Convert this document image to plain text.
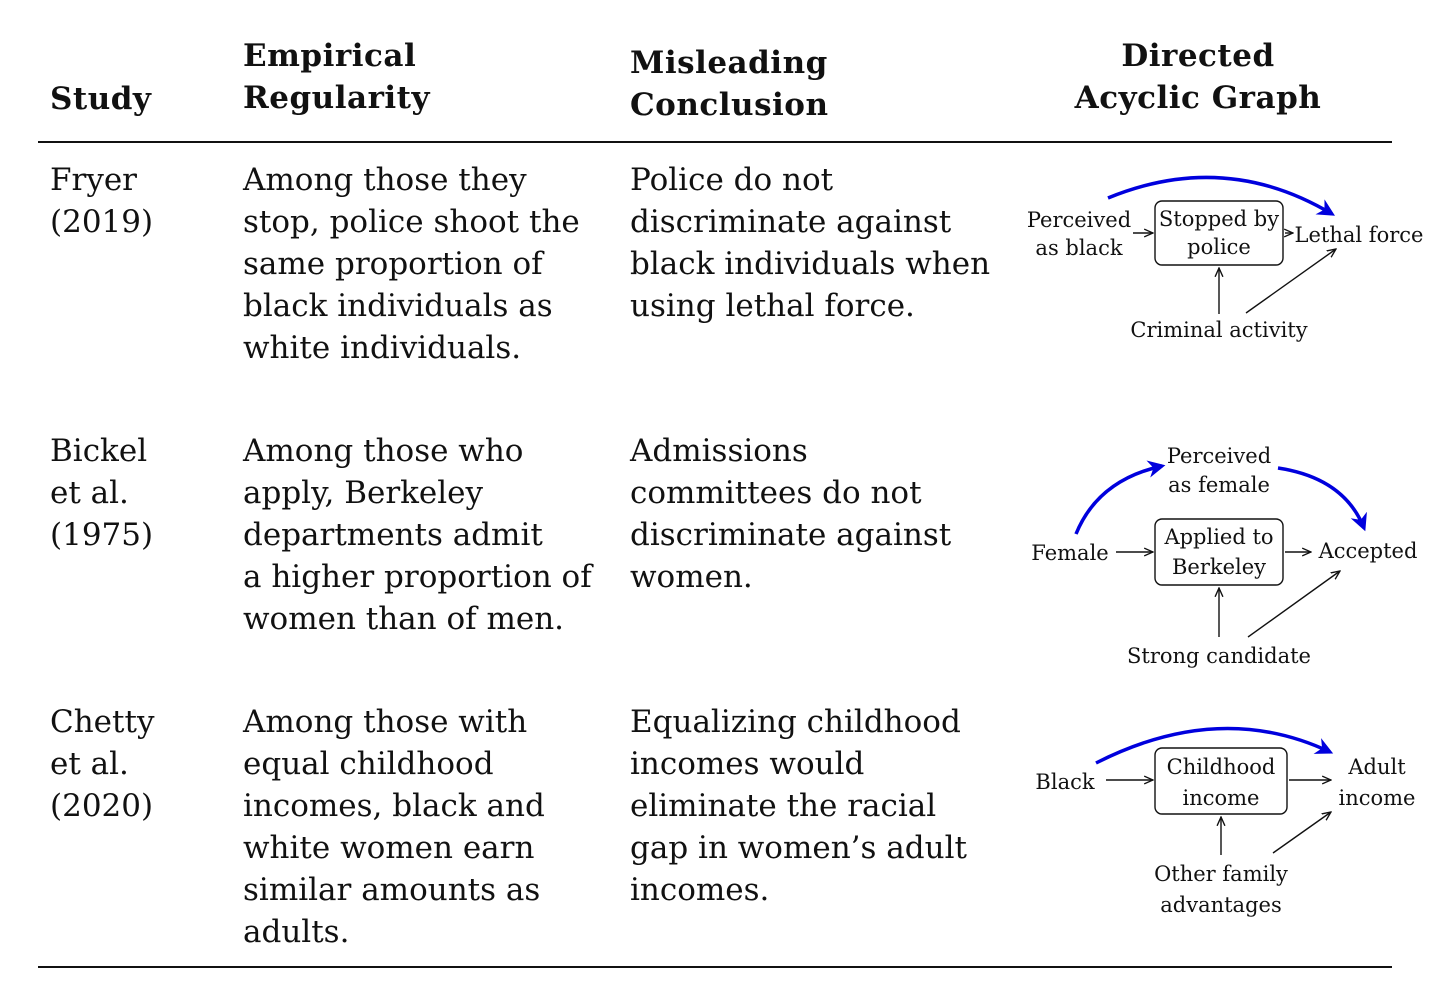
Study
Empirical
Regularity
Misleading
Conclusion
Directed
Acyclic Graph
Fryer
(2019)
Among those they
stop, police shoot the
same proportion of
black individuals as
white individuals.
Police do not
discriminate against
black individuals when
using lethal force.
Bickel
et al.
(1975)
Among those who
apply, Berkeley
departments admit
a higher proportion of
women than of men.
Admissions
committees do not
discriminate against
women.
Chetty
et al.
(2020)
Among those with
equal childhood
incomes, black and
white women earn
similar amounts as
adults.
Equalizing childhood
incomes would
eliminate the racial
gap in women’s adult
incomes.
Perceived
as black
Stopped by
police Lethal force
Criminal activity
Perceived
as female
Female
Applied to
Berkeley
Accepted
Strong candidate
Black
Childhood
income
Adult
income
Other family
advantages
